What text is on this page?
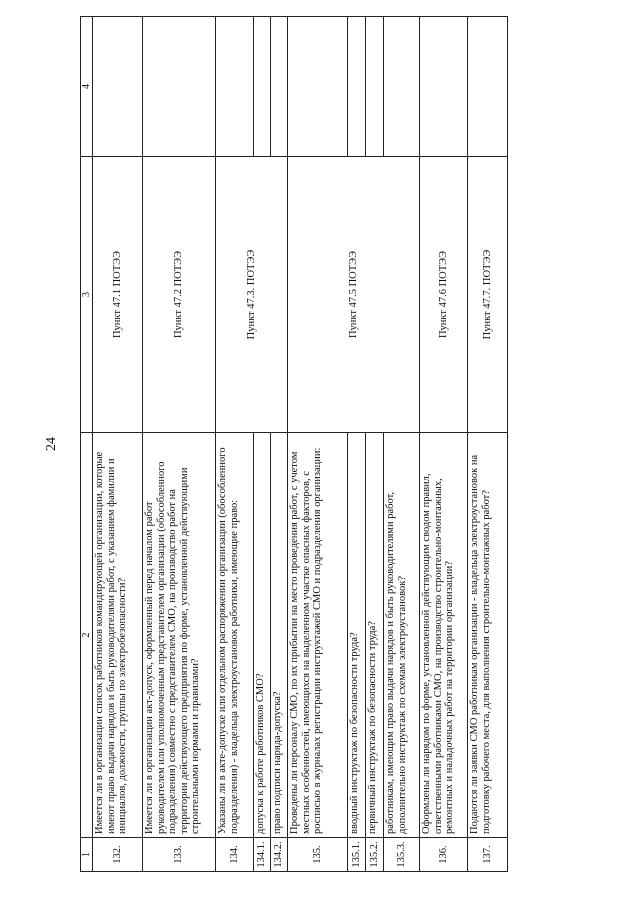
24
1	2	3	4
132.	Имеется ли в организации список работников командирующей организации, которые имеют право выдачи нарядов и быть руководителями работ, с указанием фамилии и инициалов, должности, группы по электробезопасности?	Пункт 47.1 ПОТЭЭ	
133.	Имеется ли в организации акт-допуск, оформленный перед началом работ руководителем или уполномоченным представителем организации (обособленного подразделения) совместно с представителем СМО, на производство работ на территории действующего предприятия по форме, установленной действующими строительными нормами и правилами?	Пункт 47.2 ПОТЭЭ	
134.	Указаны ли в акте-допуске или отдельном распоряжении организации (обособленного подразделения) - владельца электроустановок работники, имеющие право:	Пункт 47.3. ПОТЭЭ	
134.1.	допуска к работе работников СМО?		
134.2.	право подписи наряда-допуска?		
135.	Проведены ли персоналу СМО, по их прибытии на место проведения работ, с учетом местных особенностей, имеющихся на выделенном участке опасных факторов, с росписью в журналах регистрации инструктажей СМО и подразделения организации:	Пункт 47.5 ПОТЭЭ	
135.1.	вводный инструктаж по безопасности труда?		
135.2.	первичный инструктаж по безопасности труда?		
135.3.	работникам, имеющим право выдачи нарядов и быть руководителями работ, дополнительно инструктаж по схемам электроустановок?		
136.	Оформлены ли нарядом по форме, установленной действующим сводом правил, ответственными работниками СМО, на производство строительно-монтажных, ремонтных и наладочных работ на территории организации?	Пункт 47.6 ПОТЭЭ	
137.	Подаются ли заявки СМО работникам организации - владельца электроустановок на подготовку рабочего места, для выполнения строительно-монтажных работ?	Пункт 47.7. ПОТЭЭ	
